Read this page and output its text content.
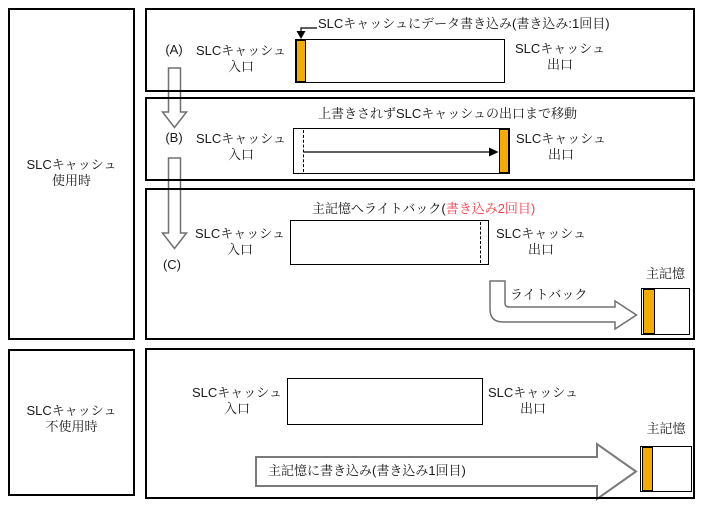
SLCキャッシュ
使用時
SLCキャッシュ
不使用時
(A)
SLCキャッシュにデータ書き込み(書き込み:1回目)
SLCキャッシュ
入口
SLCキャッシュ
出口
(B)
上書きされずSLCキャッシュの出口まで移動
SLCキャッシュ
入口
SLCキャッシュ
出口
(C)
主記憶へライトバック(書き込み2回目)
SLCキャッシュ
入口
SLCキャッシュ
出口
ライトバック
主記憶
SLCキャッシュ
入口
SLCキャッシュ
出口
主記憶
主記憶に書き込み(書き込み1回目)
